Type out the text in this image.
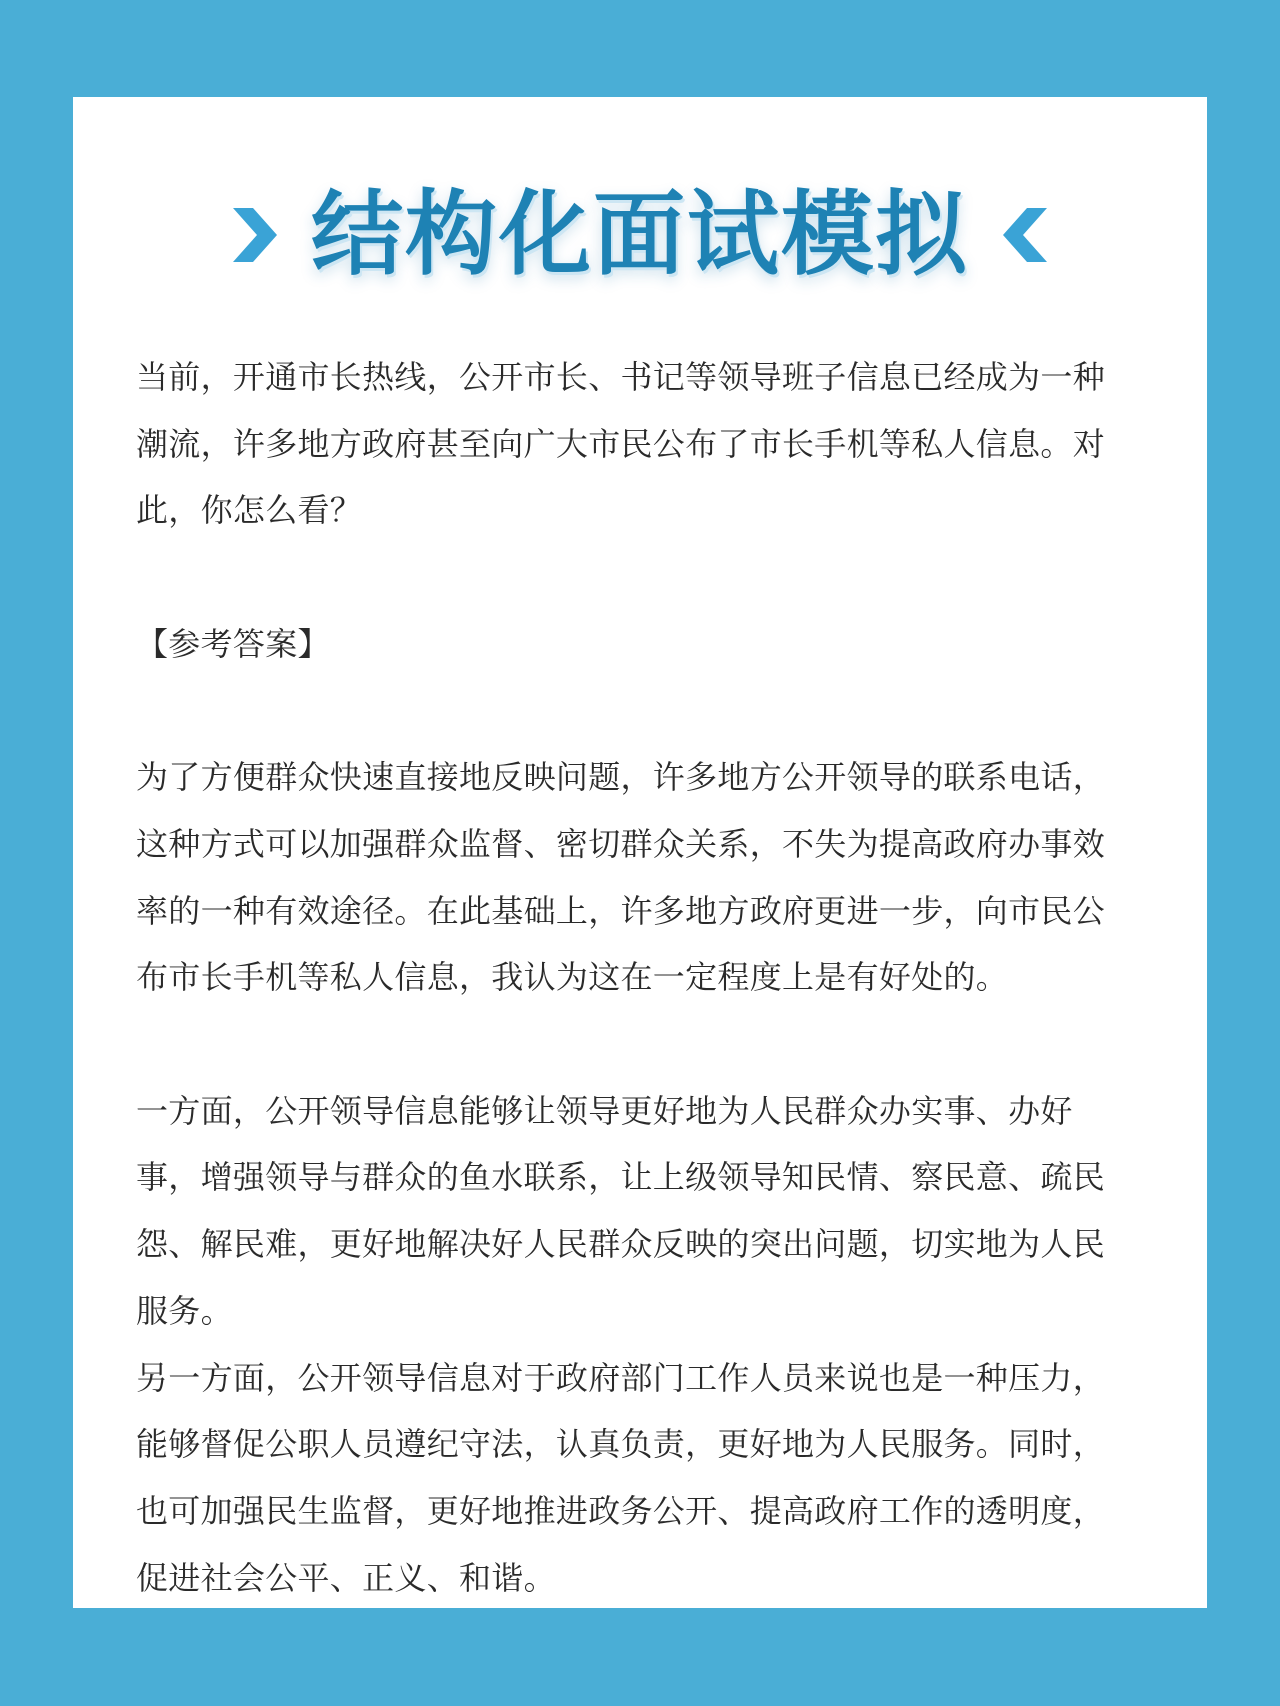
结构化面试模拟

当前，开通市长热线，公开市长、书记等领导班子信息已经成为一种潮流，许多地方政府甚至向广大市民公布了市长手机等私人信息。对此，你怎么看？

【参考答案】

为了方便群众快速直接地反映问题，许多地方公开领导的联系电话，这种方式可以加强群众监督、密切群众关系，不失为提高政府办事效率的一种有效途径。在此基础上，许多地方政府更进一步，向市民公布市长手机等私人信息，我认为这在一定程度上是有好处的。

一方面，公开领导信息能够让领导更好地为人民群众办实事、办好事，增强领导与群众的鱼水联系，让上级领导知民情、察民意、疏民怨、解民难，更好地解决好人民群众反映的突出问题，切实地为人民服务。

另一方面，公开领导信息对于政府部门工作人员来说也是一种压力，能够督促公职人员遵纪守法，认真负责，更好地为人民服务。同时，也可加强民生监督，更好地推进政务公开、提高政府工作的透明度，促进社会公平、正义、和谐。
